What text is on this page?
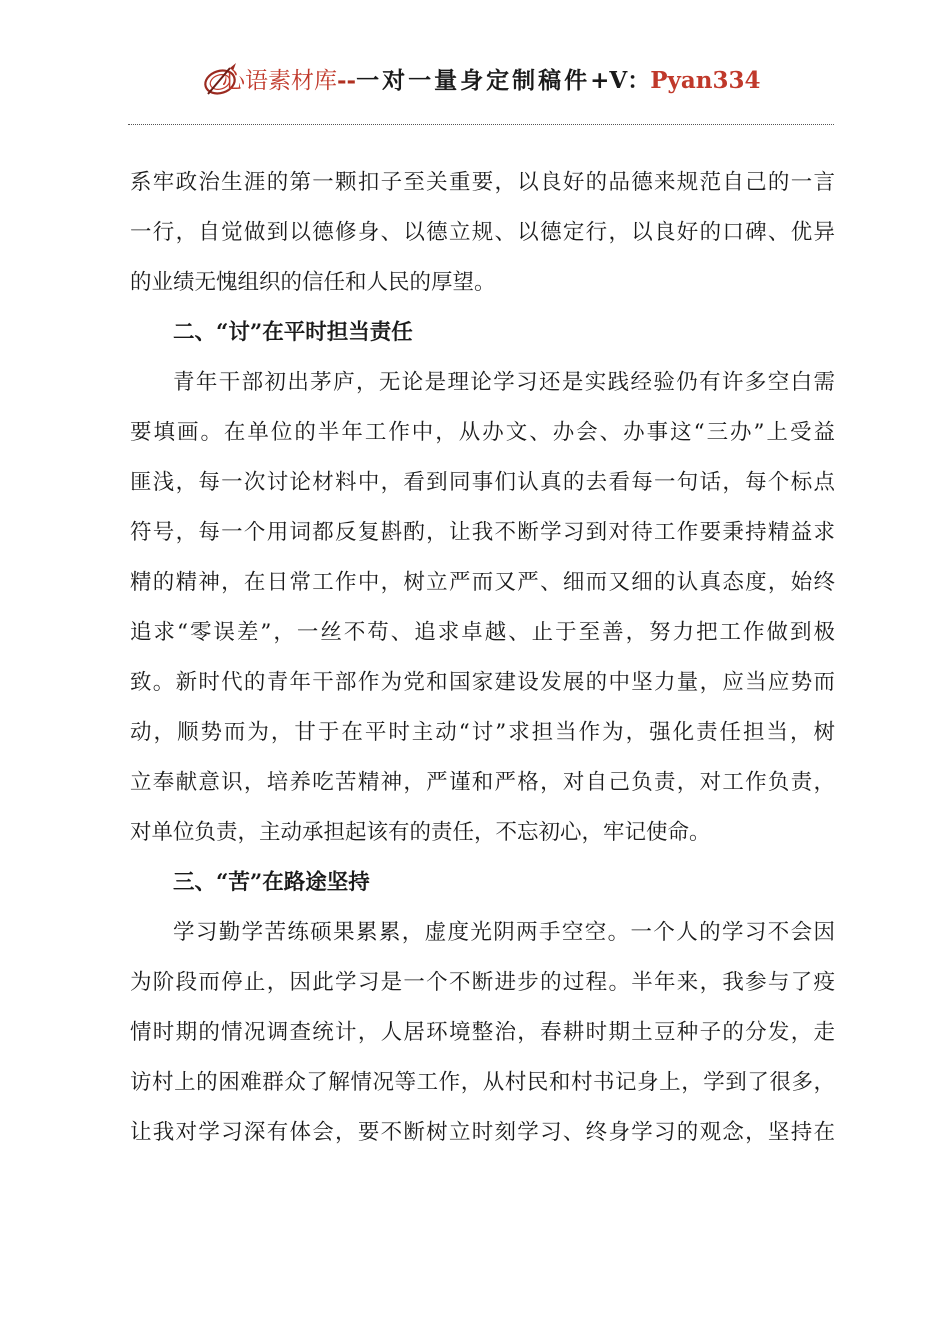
心语素材库--一对一量身定制稿件+V：Pyan334

系牢政治生涯的第一颗扣子至关重要，以良好的品德来规范自己的一言

一行，自觉做到以德修身、以德立规、以德定行，以良好的口碑、优异

的业绩无愧组织的信任和人民的厚望。

二、“讨”在平时担当责任

青年干部初出茅庐，无论是理论学习还是实践经验仍有许多空白需

要填画。在单位的半年工作中，从办文、办会、办事这“三办”上受益

匪浅，每一次讨论材料中，看到同事们认真的去看每一句话，每个标点

符号，每一个用词都反复斟酌，让我不断学习到对待工作要秉持精益求

精的精神，在日常工作中，树立严而又严、细而又细的认真态度，始终

追求“零误差”，一丝不苟、追求卓越、止于至善，努力把工作做到极

致。新时代的青年干部作为党和国家建设发展的中坚力量，应当应势而

动，顺势而为，甘于在平时主动“讨”求担当作为，强化责任担当，树

立奉献意识，培养吃苦精神，严谨和严格，对自己负责，对工作负责，

对单位负责，主动承担起该有的责任，不忘初心，牢记使命。

三、“苦”在路途坚持

学习勤学苦练硕果累累，虚度光阴两手空空。一个人的学习不会因

为阶段而停止，因此学习是一个不断进步的过程。半年来，我参与了疫

情时期的情况调查统计，人居环境整治，春耕时期土豆种子的分发，走

访村上的困难群众了解情况等工作，从村民和村书记身上，学到了很多，

让我对学习深有体会，要不断树立时刻学习、终身学习的观念，坚持在
